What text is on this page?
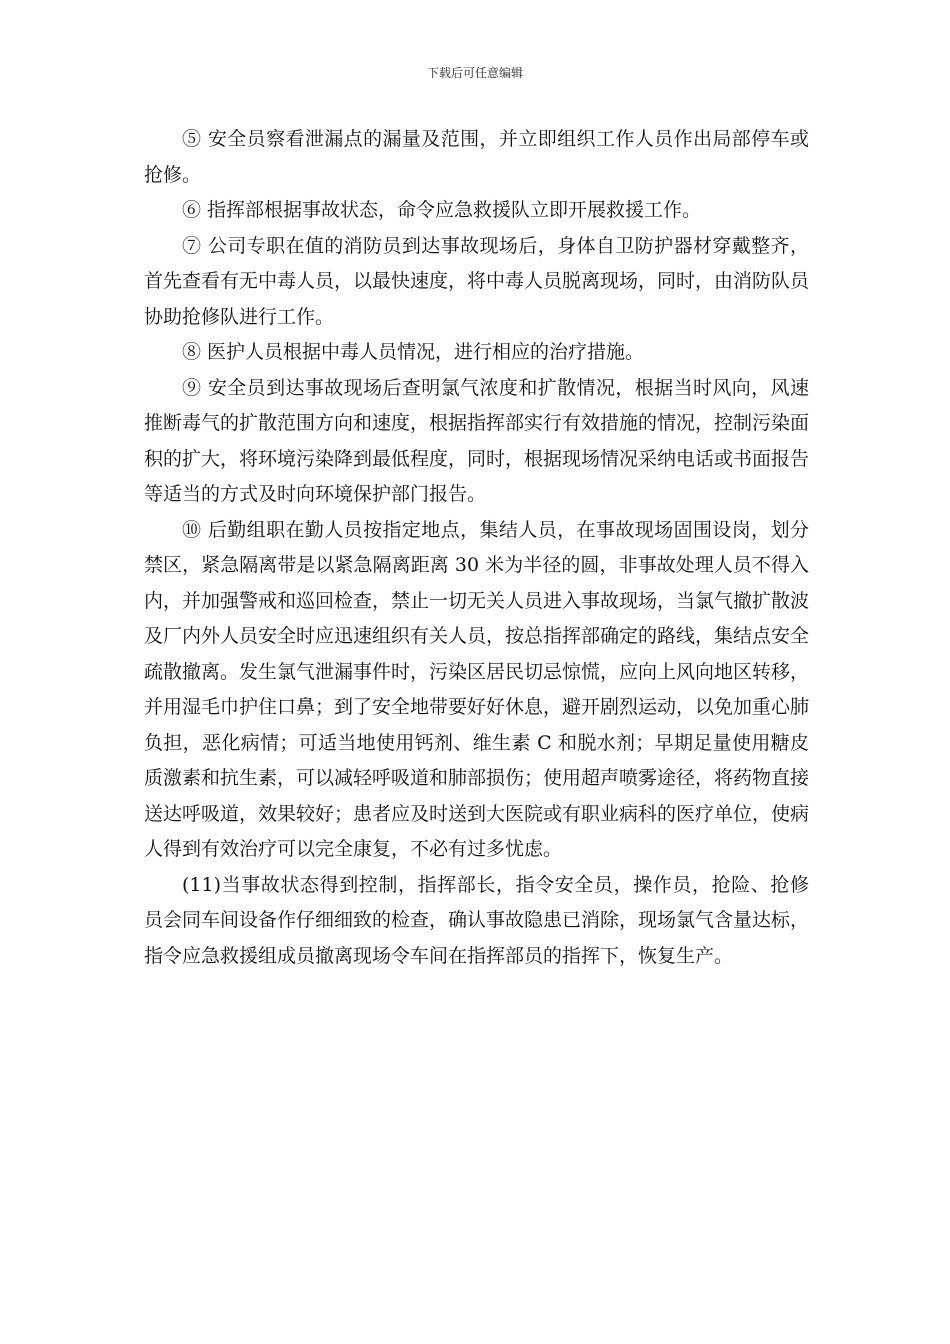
下载后可任意编辑

⑤ 安全员察看泄漏点的漏量及范围，并立即组织工作人员作出局部停车或抢修。

⑥ 指挥部根据事故状态，命令应急救援队立即开展救援工作。

⑦ 公司专职在值的消防员到达事故现场后，身体自卫防护器材穿戴整齐，首先查看有无中毒人员，以最快速度，将中毒人员脱离现场，同时，由消防队员协助抢修队进行工作。

⑧ 医护人员根据中毒人员情况，进行相应的治疗措施。

⑨ 安全员到达事故现场后查明氯气浓度和扩散情况，根据当时风向，风速推断毒气的扩散范围方向和速度，根据指挥部实行有效措施的情况，控制污染面积的扩大，将环境污染降到最低程度，同时，根据现场情况采纳电话或书面报告等适当的方式及时向环境保护部门报告。

⑩ 后勤组职在勤人员按指定地点，集结人员，在事故现场固围设岗，划分禁区，紧急隔离带是以紧急隔离距离 30 米为半径的圆，非事故处理人员不得入内，并加强警戒和巡回检查，禁止一切无关人员进入事故现场，当氯气撤扩散波及厂内外人员安全时应迅速组织有关人员，按总指挥部确定的路线，集结点安全疏散撤离。发生氯气泄漏事件时，污染区居民切忌惊慌，应向上风向地区转移，并用湿毛巾护住口鼻；到了安全地带要好好休息，避开剧烈运动，以免加重心肺负担，恶化病情；可适当地使用钙剂、维生素 C 和脱水剂；早期足量使用糖皮质激素和抗生素，可以减轻呼吸道和肺部损伤；使用超声喷雾途径，将药物直接送达呼吸道，效果较好；患者应及时送到大医院或有职业病科的医疗单位，使病人得到有效治疗可以完全康复，不必有过多忧虑。

(11)当事故状态得到控制，指挥部长，指令安全员，操作员，抢险、抢修员会同车间设备作仔细细致的检查，确认事故隐患已消除，现场氯气含量达标，指令应急救援组成员撤离现场令车间在指挥部员的指挥下，恢复生产。
